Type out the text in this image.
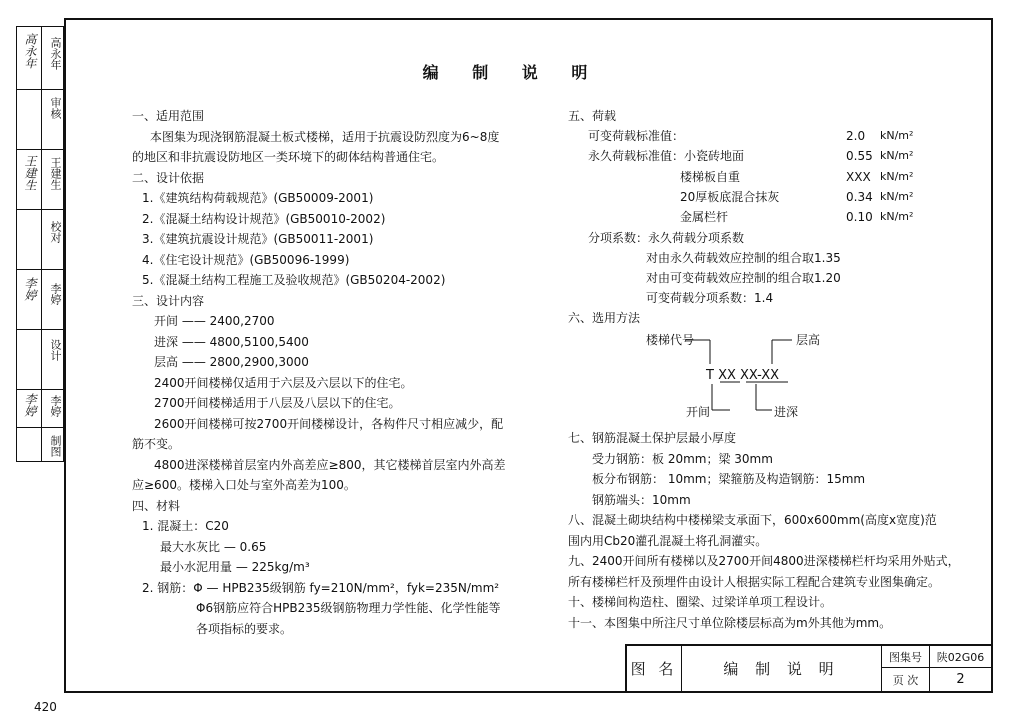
高永年	高永年
审核
王建生	王建生
校对
李婷	李婷
设计
李婷	李婷
制图
编 制 说 明
一、适用范围
本图集为现浇钢筋混凝土板式楼梯，适用于抗震设防烈度为6~8度
的地区和非抗震设防地区一类环境下的砌体结构普通住宅。
二、设计依据
1.《建筑结构荷载规范》(GB50009-2001)
2.《混凝土结构设计规范》(GB50010-2002)
3.《建筑抗震设计规范》(GB50011-2001)
4.《住宅设计规范》(GB50096-1999)
5.《混凝土结构工程施工及验收规范》(GB50204-2002)
三、设计内容
开间 —— 2400,2700
进深 —— 4800,5100,5400
层高 —— 2800,2900,3000
2400开间楼梯仅适用于六层及六层以下的住宅。
2700开间楼梯适用于八层及八层以下的住宅。
2600开间楼梯可按2700开间楼梯设计，各构件尺寸相应减少，配
筋不变。
4800进深楼梯首层室内外高差应≥800，其它楼梯首层室内外高差
应≥600。楼梯入口处与室外高差为100。
四、材料
1. 混凝土：C20
最大水灰比 — 0.65
最小水泥用量 — 225kg/m³
2. 钢筋：Φ — HPB235级钢筋 fy=210N/mm²，fyk=235N/mm²
Φ6钢筋应符合HPB235级钢筋物理力学性能、化学性能等
各项指标的要求。
五、荷载
可变荷载标准值：	2.0 kN/m²
永久荷载标准值：小瓷砖地面	0.55 kN/m²
楼梯板自重	XXX kN/m²
20厚板底混合抹灰	0.34 kN/m²
金属栏杆	0.10 kN/m²
分项系数：永久荷载分项系数
对由永久荷载效应控制的组合取1.35
对由可变荷载效应控制的组合取1.20
可变荷载分项系数：1.4
六、选用方法
楼梯代号	层高
T XX XX-XX
开间	进深
七、钢筋混凝土保护层最小厚度
受力钢筋：板 20mm；梁 30mm
板分布钢筋： 10mm；梁箍筋及构造钢筋：15mm
钢筋端头：10mm
八、混凝土砌块结构中楼梯梁支承面下，600x600mm(高度x宽度)范
围内用Cb20灌孔混凝土将孔洞灌实。
九、2400开间所有楼梯以及2700开间4800进深楼梯栏杆均采用外贴式，
所有楼梯栏杆及预埋件由设计人根据实际工程配合建筑专业图集确定。
十、楼梯间构造柱、圈梁、过梁详单项工程设计。
十一、本图集中所注尺寸单位除楼层标高为m外其他为mm。
图 名	编 制 说 明
图集号	陕02G06
页 次	2
420
